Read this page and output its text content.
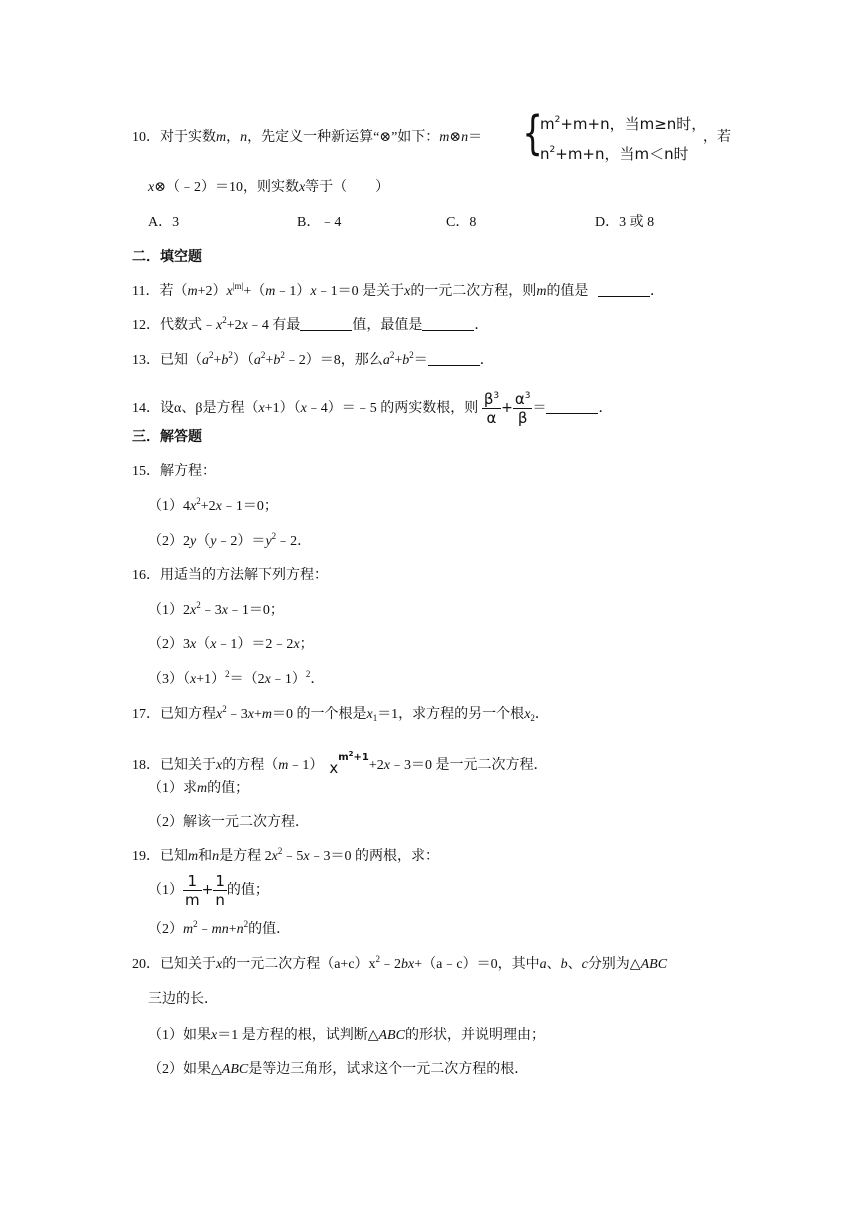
10．对于实数m，n，先定义一种新运算“⊗”如下：m⊗n＝ {
$m^2+m+n$，当m≥n时，
$n^2+m+n$，当m＜n时
，若
x⊗（﹣2）＝10，则实数x等于（　　）
A．3	B．﹣4	C．8	D．3 或 8
二．填空题
11．若$(m+2)x^{|m|}+(m﹣1)x﹣1=0$ 是关于x的一元二次方程，则m的值是	．
12．代数式$﹣x^2+2x﹣4$ 有最	值，最值是	．
13．已知$(a^2+b^2)(a^2+b^2﹣2)=8$，那么$a^2+b^2=$	．
14．设α、β是方程（x+1）（x﹣4）＝﹣5 的两实数根，则 $\frac{\beta^3}{\alpha} + \frac{\alpha^3}{\beta}$ ＝	．
三．解答题
15．解方程：
$(1)4x^2+2x﹣1=0$；
$(2)2y(y﹣2)=y^2﹣2$．
16．用适当的方法解下列方程：
$(1)2x^2﹣3x﹣1=0$；
（2）3x（x﹣1）＝2﹣2x；
$(3)(x+1)^2=(2x﹣1)^2$．
17．已知方程$x^2﹣3x+m=0$ 的一个根是$x_1=1$，求方程的另一个根$x_2$．
18．已知关于x的方程（m﹣1） $x^{m^2+1}+2x﹣3=0$ 是一元二次方程．
（1）求m的值；
（2）解该一元二次方程．
19．已知m和n是方程 $2x^2﹣5x﹣3=0$ 的两根，求：
$(1) \frac{1}{m} + \frac{1}{n}$ 的值；
$(2)m^2﹣mn+n^2$的值．
20．已知关于x的一元二次方程$(a+c)x^2﹣2bx+(a﹣c)=0$，其中a、b、c分别为△ABC
三边的长．
（1）如果x＝1 是方程的根，试判断△ABC的形状，并说明理由；
（2）如果△ABC是等边三角形，试求这个一元二次方程的根．
